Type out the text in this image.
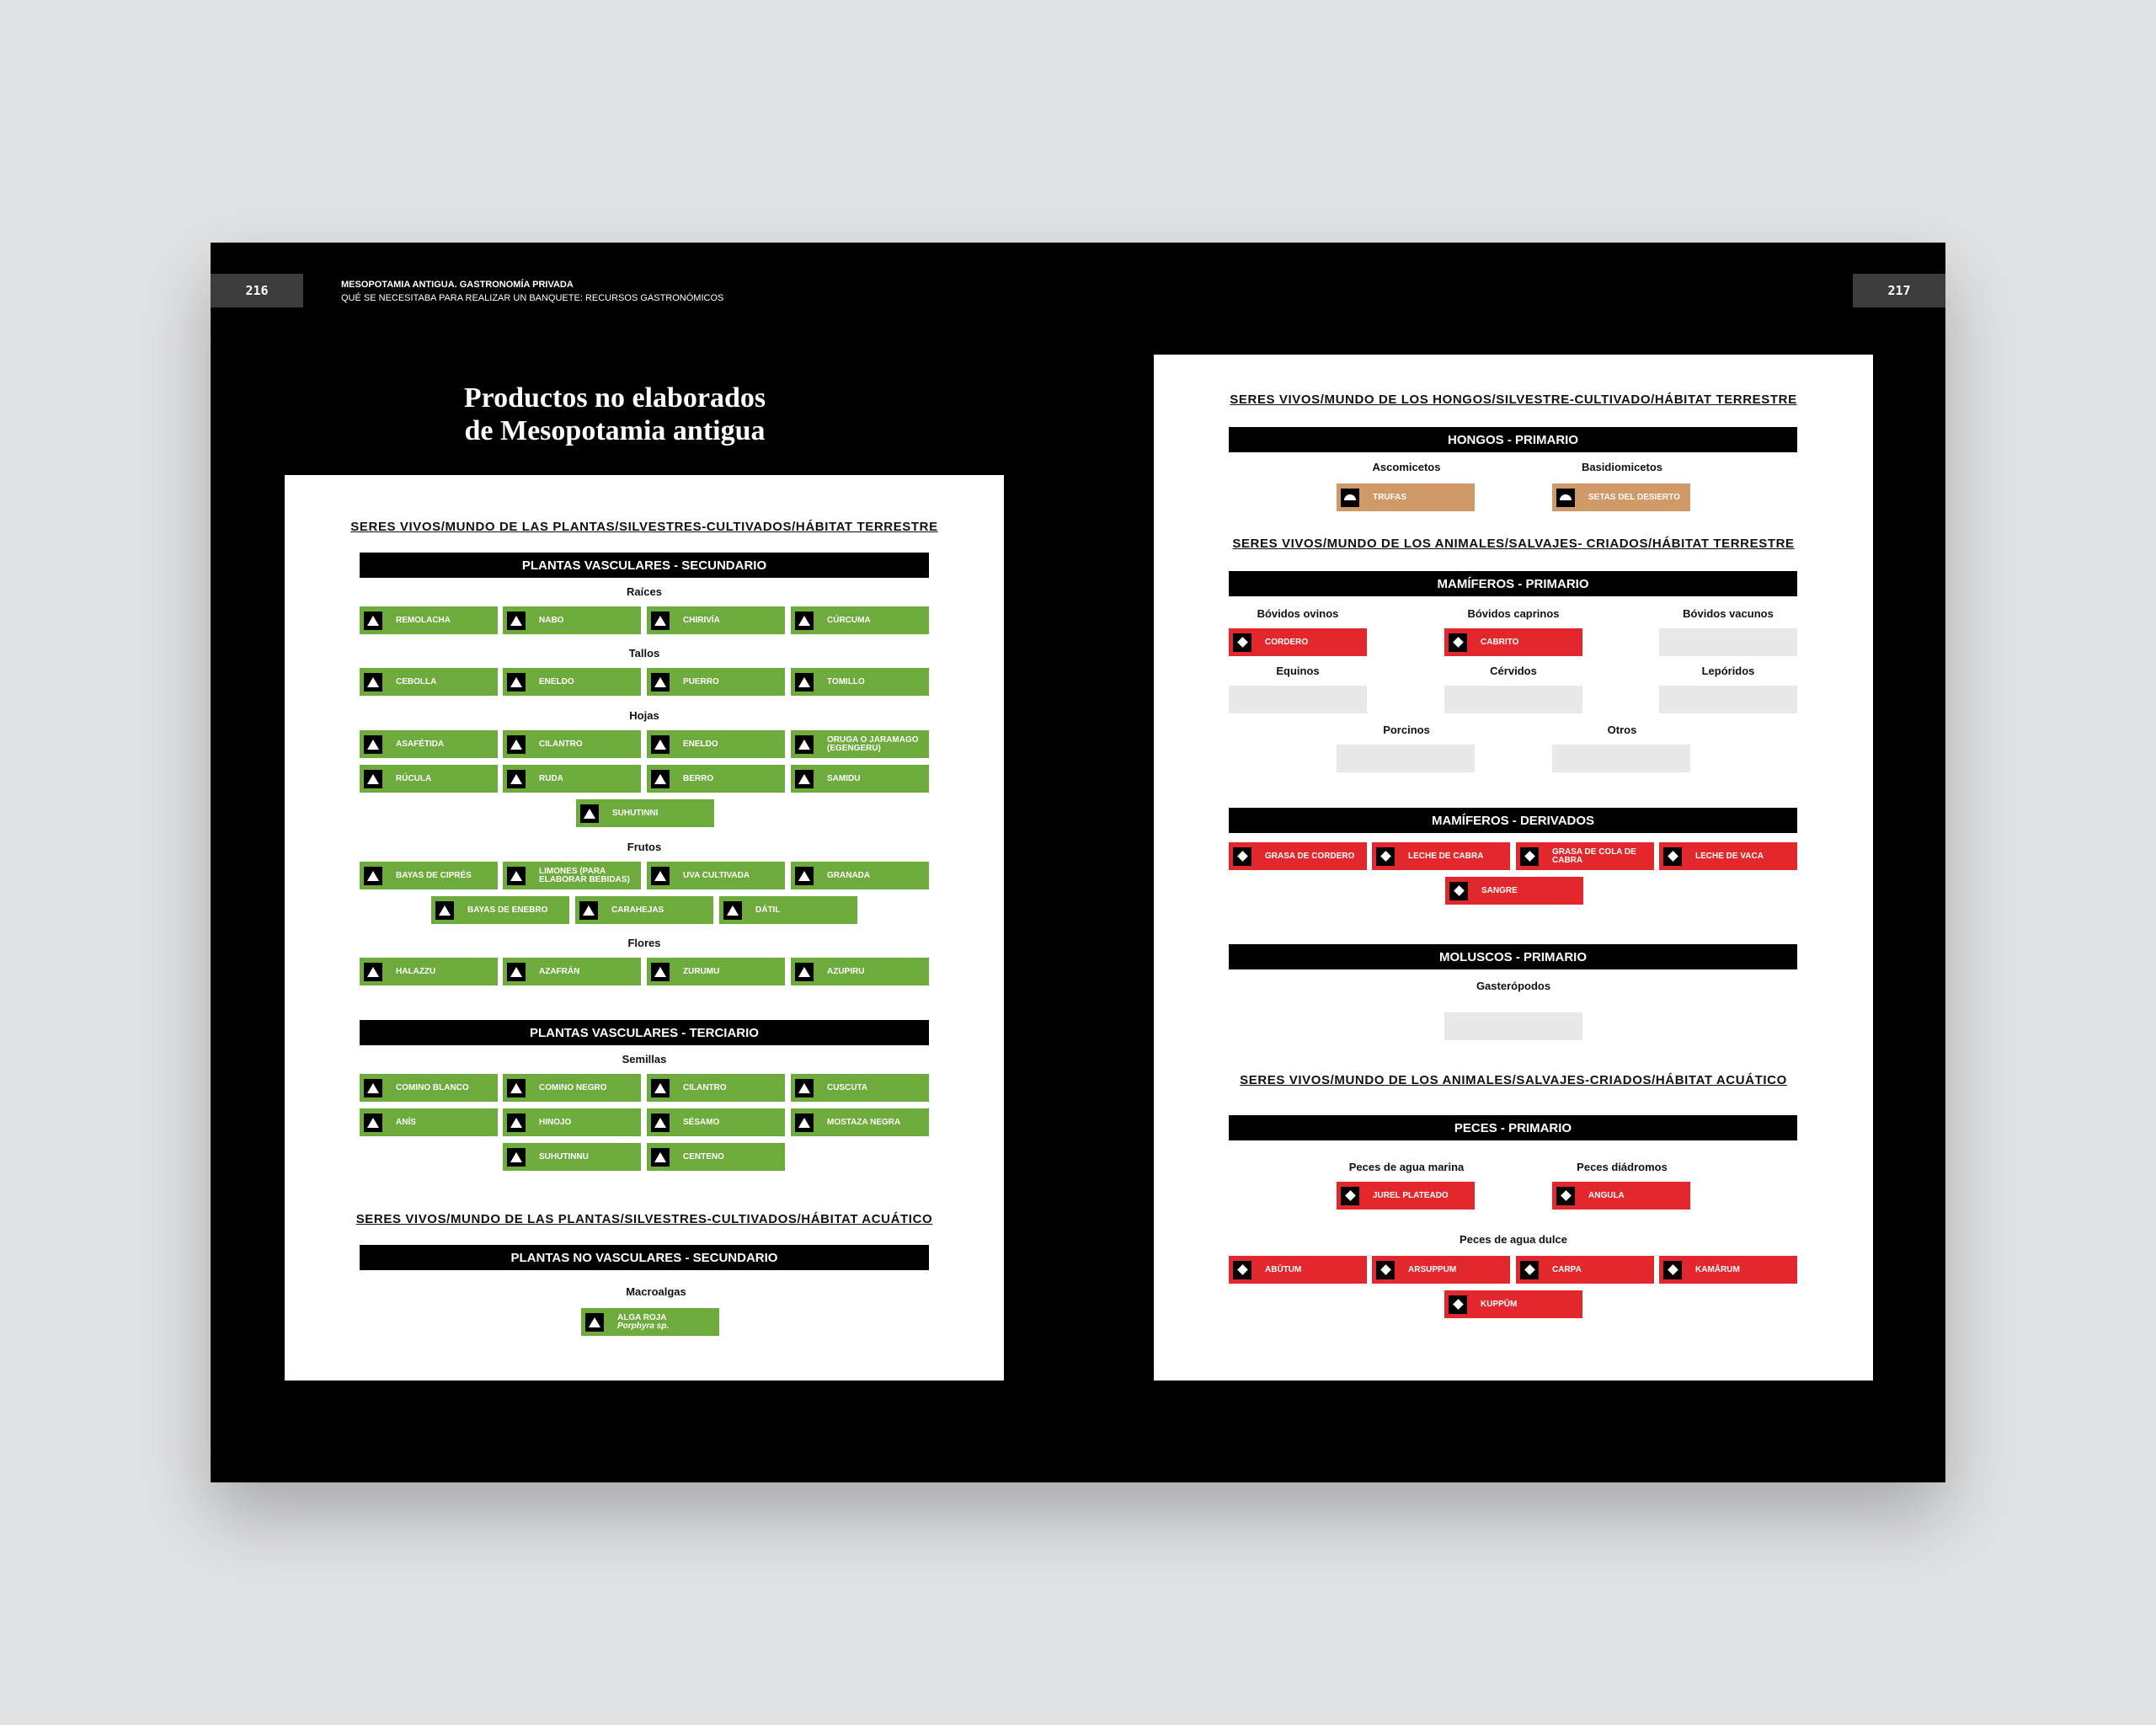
216	217
MESOPOTAMIA ANTIGUA. GASTRONOMÍA PRIVADA
QUÉ SE NECESITABA PARA REALIZAR UN BANQUETE: RECURSOS GASTRONÓMICOS
Productos no elaborados
de Mesopotamia antigua
SERES VIVOS/MUNDO DE LAS PLANTAS/SILVESTRES-CULTIVADOS/HÁBITAT TERRESTRE
PLANTAS VASCULARES - SECUNDARIO
Raíces
REMOLACHA	NABO	CHIRIVÍA	CÚRCUMA
Tallos
CEBOLLA	ENELDO	PUERRO	TOMILLO
Hojas
ASAFÉTIDA	CILANTRO	ENELDO	ORUGA O JARAMAGO (EGENGERU)
RÚCULA	RUDA	BERRO	SAMIDU
SUHUTINNI
Frutos
BAYAS DE CIPRÉS	LIMONES (PARA ELABORAR BEBIDAS)	UVA CULTIVADA	GRANADA
BAYAS DE ENEBRO	CARAHEJAS	DÁTIL
Flores
HALAZZU	AZAFRÁN	ZURUMU	AZUPIRU
PLANTAS VASCULARES - TERCIARIO
Semillas
COMINO BLANCO	COMINO NEGRO	CILANTRO	CUSCUTA
ANÍS	HINOJO	SÉSAMO	MOSTAZA NEGRA
SUHUTINNU	CENTENO
SERES VIVOS/MUNDO DE LAS PLANTAS/SILVESTRES-CULTIVADOS/HÁBITAT ACUÁTICO
PLANTAS NO VASCULARES - SECUNDARIO
Macroalgas
ALGA ROJA
Porphyra sp.
SERES VIVOS/MUNDO DE LOS HONGOS/SILVESTRE-CULTIVADO/HÁBITAT TERRESTRE
HONGOS - PRIMARIO
Ascomicetos	Basidiomicetos
TRUFAS	SETAS DEL DESIERTO
SERES VIVOS/MUNDO DE LOS ANIMALES/SALVAJES- CRIADOS/HÁBITAT TERRESTRE
MAMÍFEROS - PRIMARIO
Bóvidos ovinos	Bóvidos caprinos	Bóvidos vacunos
CORDERO	CABRITO
Equinos	Cérvidos	Lepóridos
Porcinos	Otros
MAMÍFEROS - DERIVADOS
GRASA DE CORDERO	LECHE DE CABRA	GRASA DE COLA DE CABRA	LECHE DE VACA
SANGRE
MOLUSCOS - PRIMARIO
Gasterópodos
SERES VIVOS/MUNDO DE LOS ANIMALES/SALVAJES-CRIADOS/HÁBITAT ACUÁTICO
PECES - PRIMARIO
Peces de agua marina	Peces diádromos
JUREL PLATEADO	ANGULA
Peces de agua dulce
ABŪTUM	ARSUPPUM	CARPA	KAMĀRUM
KUPPŪM
